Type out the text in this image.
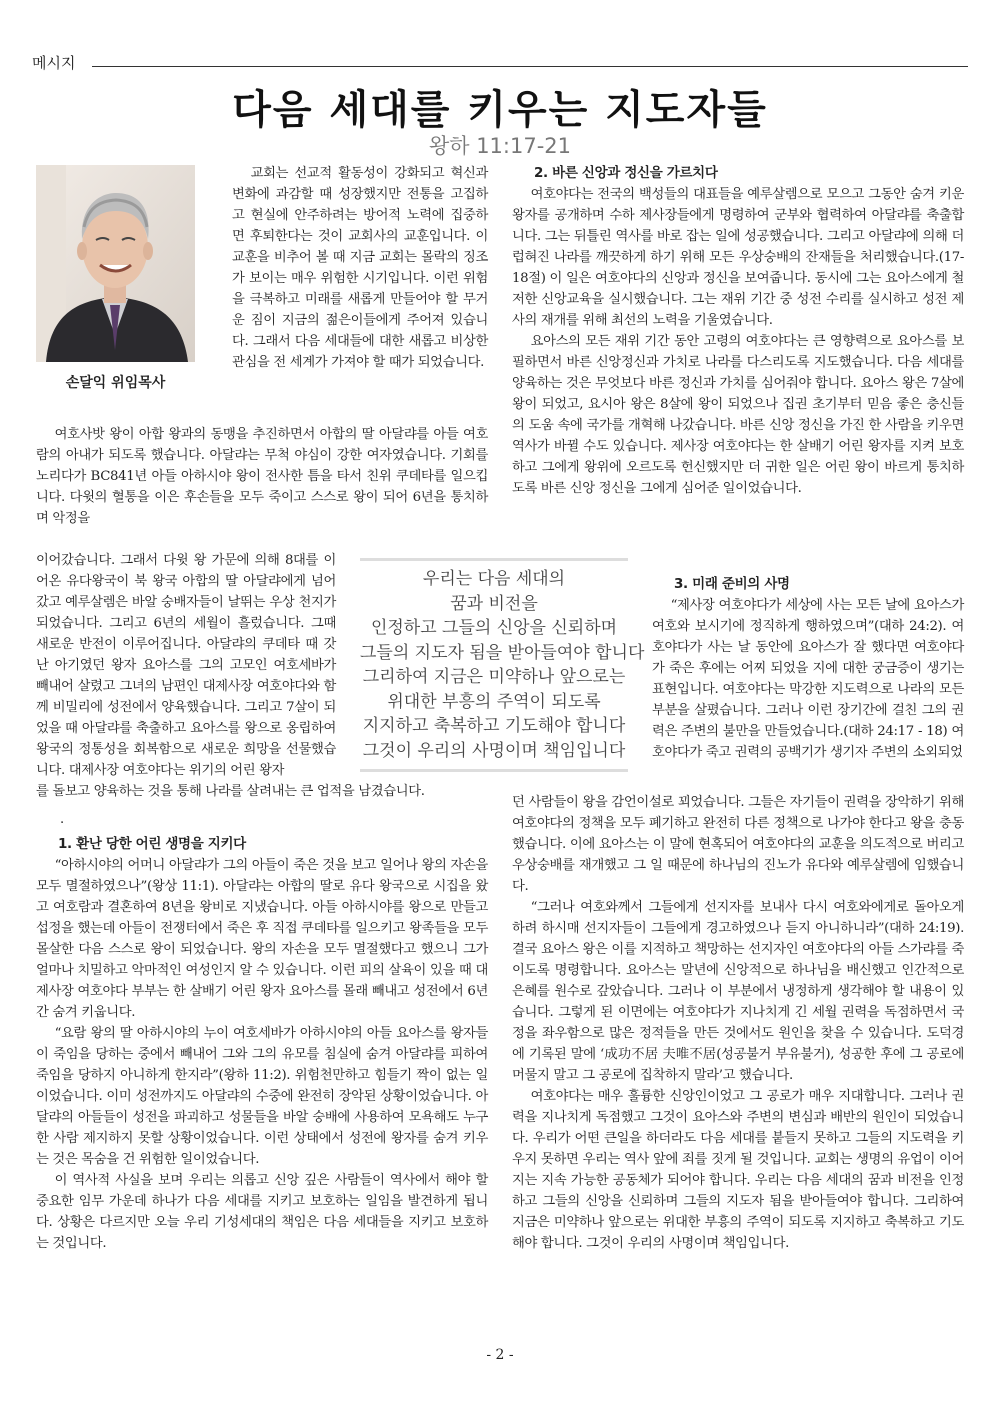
메시지
다음 세대를 키우는 지도자들
왕하 11:17-21
손달익 위임목사

교회는 선교적 활동성이 강화되고 혁신과 변화에 과감할 때 성장했지만 전통을 고집하고 현실에 안주하려는 방어적 노력에 집중하면 후퇴한다는 것이 교회사의 교훈입니다. 이 교훈을 비추어 볼 때 지금 교회는 몰락의 징조가 보이는 매우 위험한 시기입니다. 이런 위험을 극복하고 미래를 새롭게 만들어야 할 무거운 짐이 지금의 젊은이들에게 주어져 있습니다. 그래서 다음 세대들에 대한 새롭고 비상한 관심을 전 세계가 가져야 할 때가 되었습니다.

여호사밧 왕이 아합 왕과의 동맹을 추진하면서 아합의 딸 아달랴를 아들 여호람의 아내가 되도록 했습니다. 아달랴는 무척 야심이 강한 여자였습니다. 기회를 노리다가 BC841년 아들 아하시야 왕이 전사한 틈을 타서 친위 쿠데타를 일으킵니다. 다윗의 혈통을 이은 후손들을 모두 죽이고 스스로 왕이 되어 6년을 통치하며 악정을

이어갔습니다. 그래서 다윗 왕 가문에 의해 8대를 이어온 유다왕국이 북 왕국 아합의 딸 아달랴에게 넘어갔고 예루살렘은 바알 숭배자들이 날뛰는 우상 천지가 되었습니다. 그리고 6년의 세월이 흘렀습니다. 그때 새로운 반전이 이루어집니다. 아달랴의 쿠데타 때 갓난 아기였던 왕자 요아스를 그의 고모인 여호세바가 빼내어 살렸고 그녀의 남편인 대제사장 여호야다와 함께 비밀리에 성전에서 양육했습니다. 그리고 7살이 되었을 때 아달랴를 축출하고 요아스를 왕으로 옹립하여 왕국의 정통성을 회복함으로 새로운 희망을 선물했습니다. 대제사장 여호야다는 위기의 어린 왕자

를 돌보고 양육하는 것을 통해 나라를 살려내는 큰 업적을 남겼습니다.

.

1. 환난 당한 어린 생명을 지키다

“아하시야의 어머니 아달랴가 그의 아들이 죽은 것을 보고 일어나 왕의 자손을 모두 멸절하였으나”(왕상 11:1). 아달랴는 아합의 딸로 유다 왕국으로 시집을 왔고 여호람과 결혼하여 8년을 왕비로 지냈습니다. 아들 아하시야를 왕으로 만들고 섭정을 했는데 아들이 전쟁터에서 죽은 후 직접 쿠데타를 일으키고 왕족들을 모두 몰살한 다음 스스로 왕이 되었습니다. 왕의 자손을 모두 멸절했다고 했으니 그가 얼마나 치밀하고 악마적인 여성인지 알 수 있습니다. 이런 피의 살육이 있을 때 대제사장 여호야다 부부는 한 살배기 어린 왕자 요아스를 몰래 빼내고 성전에서 6년간 숨겨 키웁니다.

“요람 왕의 딸 아하시야의 누이 여호세바가 아하시야의 아들 요아스를 왕자들이 죽임을 당하는 중에서 빼내어 그와 그의 유모를 침실에 숨겨 아달랴를 피하여 죽임을 당하지 아니하게 한지라”(왕하 11:2). 위험천만하고 힘들기 짝이 없는 일이었습니다. 이미 성전까지도 아달랴의 수중에 완전히 장악된 상황이었습니다. 아달랴의 아들들이 성전을 파괴하고 성물들을 바알 숭배에 사용하여 모욕해도 누구 한 사람 제지하지 못할 상황이었습니다. 이런 상태에서 성전에 왕자를 숨겨 키우는 것은 목숨을 건 위험한 일이었습니다.

이 역사적 사실을 보며 우리는 의롭고 신앙 깊은 사람들이 역사에서 해야 할 중요한 임무 가운데 하나가 다음 세대를 지키고 보호하는 일임을 발견하게 됩니다. 상황은 다르지만 오늘 우리 기성세대의 책임은 다음 세대들을 지키고 보호하는 것입니다.

2. 바른 신앙과 정신을 가르치다

여호야다는 전국의 백성들의 대표들을 예루살렘으로 모으고 그동안 숨겨 키운 왕자를 공개하며 수하 제사장들에게 명령하여 군부와 협력하여 아달랴를 축출합니다. 그는 뒤틀린 역사를 바로 잡는 일에 성공했습니다. 그리고 아달랴에 의해 더럽혀진 나라를 깨끗하게 하기 위해 모든 우상숭배의 잔재들을 처리했습니다.(17-18절) 이 일은 여호야다의 신앙과 정신을 보여줍니다. 동시에 그는 요아스에게 철저한 신앙교육을 실시했습니다. 그는 재위 기간 중 성전 수리를 실시하고 성전 제사의 재개를 위해 최선의 노력을 기울였습니다.

요아스의 모든 재위 기간 동안 고령의 여호야다는 큰 영향력으로 요아스를 보필하면서 바른 신앙정신과 가치로 나라를 다스리도록 지도했습니다. 다음 세대를 양육하는 것은 무엇보다 바른 정신과 가치를 심어줘야 합니다. 요아스 왕은 7살에 왕이 되었고, 요시아 왕은 8살에 왕이 되었으나 집권 초기부터 믿음 좋은 충신들의 도움 속에 국가를 개혁해 나갔습니다. 바른 신앙 정신을 가진 한 사람을 키우면 역사가 바뀔 수도 있습니다. 제사장 여호야다는 한 살배기 어린 왕자를 지켜 보호하고 그에게 왕위에 오르도록 헌신했지만 더 귀한 일은 어린 왕이 바르게 통치하도록 바른 신앙 정신을 그에게 심어준 일이었습니다.

우리는 다음 세대의
꿈과 비전을
인정하고 그들의 신앙을 신뢰하며
그들의 지도자 됨을 받아들여야 합니다
그리하여 지금은 미약하나 앞으로는
위대한 부흥의 주역이 되도록
지지하고 축복하고 기도해야 합니다
그것이 우리의 사명이며 책임입니다

3. 미래 준비의 사명

“제사장 여호야다가 세상에 사는 모든 날에 요아스가 여호와 보시기에 정직하게 행하였으며”(대하 24:2). 여호야다가 사는 날 동안에 요아스가 잘 했다면 여호야다가 죽은 후에는 어찌 되었을 지에 대한 궁금증이 생기는 표현입니다. 여호야다는 막강한 지도력으로 나라의 모든 부분을 살폈습니다. 그러나 이런 장기간에 걸친 그의 권력은 주변의 불만을 만들었습니다.(대하 24:17 - 18) 여호야다가 죽고 권력의 공백기가 생기자 주변의 소외되었

던 사람들이 왕을 감언이설로 꾀었습니다. 그들은 자기들이 권력을 장악하기 위해 여호야다의 정책을 모두 폐기하고 완전히 다른 정책으로 나가야 한다고 왕을 충동했습니다. 이에 요아스는 이 말에 현혹되어 여호야다의 교훈을 의도적으로 버리고 우상숭배를 재개했고 그 일 때문에 하나님의 진노가 유다와 예루살렘에 임했습니다.

“그러나 여호와께서 그들에게 선지자를 보내사 다시 여호와에게로 돌아오게 하려 하시매 선지자들이 그들에게 경고하였으나 듣지 아니하니라”(대하 24:19). 결국 요아스 왕은 이를 지적하고 책망하는 선지자인 여호야다의 아들 스가랴를 죽이도록 명령합니다. 요아스는 말년에 신앙적으로 하나님을 배신했고 인간적으로 은혜를 원수로 갚았습니다. 그러나 이 부분에서 냉정하게 생각해야 할 내용이 있습니다. 그렇게 된 이면에는 여호야다가 지나치게 긴 세월 권력을 독점하면서 국정을 좌우함으로 많은 정적들을 만든 것에서도 원인을 찾을 수 있습니다. 도덕경에 기록된 말에 ‘成功不居 夫唯不居(성공불거 부유불거), 성공한 후에 그 공로에 머물지 말고 그 공로에 집착하지 말라’고 했습니다.

여호야다는 매우 훌륭한 신앙인이었고 그 공로가 매우 지대합니다. 그러나 권력을 지나치게 독점했고 그것이 요아스와 주변의 변심과 배반의 원인이 되었습니다. 우리가 어떤 큰일을 하더라도 다음 세대를 붙들지 못하고 그들의 지도력을 키우지 못하면 우리는 역사 앞에 죄를 짓게 될 것입니다. 교회는 생명의 유업이 이어지는 지속 가능한 공동체가 되어야 합니다. 우리는 다음 세대의 꿈과 비전을 인정하고 그들의 신앙을 신뢰하며 그들의 지도자 됨을 받아들여야 합니다. 그리하여 지금은 미약하나 앞으로는 위대한 부흥의 주역이 되도록 지지하고 축복하고 기도해야 합니다. 그것이 우리의 사명이며 책임입니다.

- 2 -
